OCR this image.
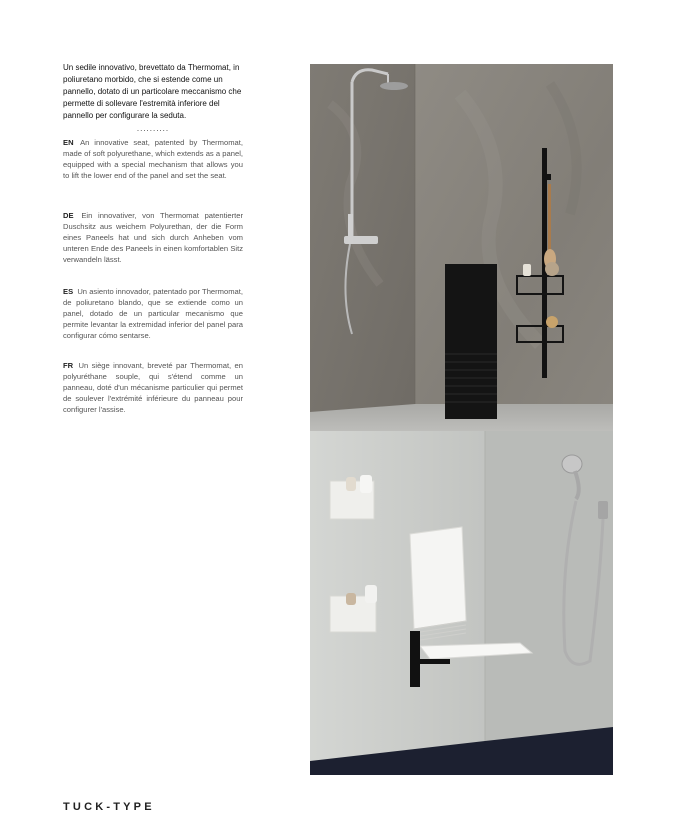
Un sedile innovativo, brevettato da Thermomat, in poliuretano morbido, che si estende come un pannello, dotato di un particolare meccanismo che permette di sollevare l'estremità inferiore del pannello per configurare la seduta.

..........

EN An innovative seat, patented by Thermomat, made of soft polyurethane, which extends as a panel, equipped with a special mechanism that allows you to lift the lower end of the panel and set the seat.

DE Ein innovativer, von Thermomat patentierter Duschsitz aus weichem Polyurethan, der die Form eines Paneels hat und sich durch Anheben vom unteren Ende des Paneels in einen komfortablen Sitz verwandeln lässt.

ES Un asiento innovador, patentado por Thermomat, de poliuretano blando, que se extiende como un panel, dotado de un particular mecanismo que permite levantar la extremidad inferior del panel para configurar cómo sentarse.

FR Un siège innovant, breveté par Thermomat, en polyuréthane souple, qui s'étend comme un panneau, doté d'un mécanisme particulier qui permet de soulever l'extrémité inférieure du panneau pour configurer l'assise.

TUCK-TYPE
